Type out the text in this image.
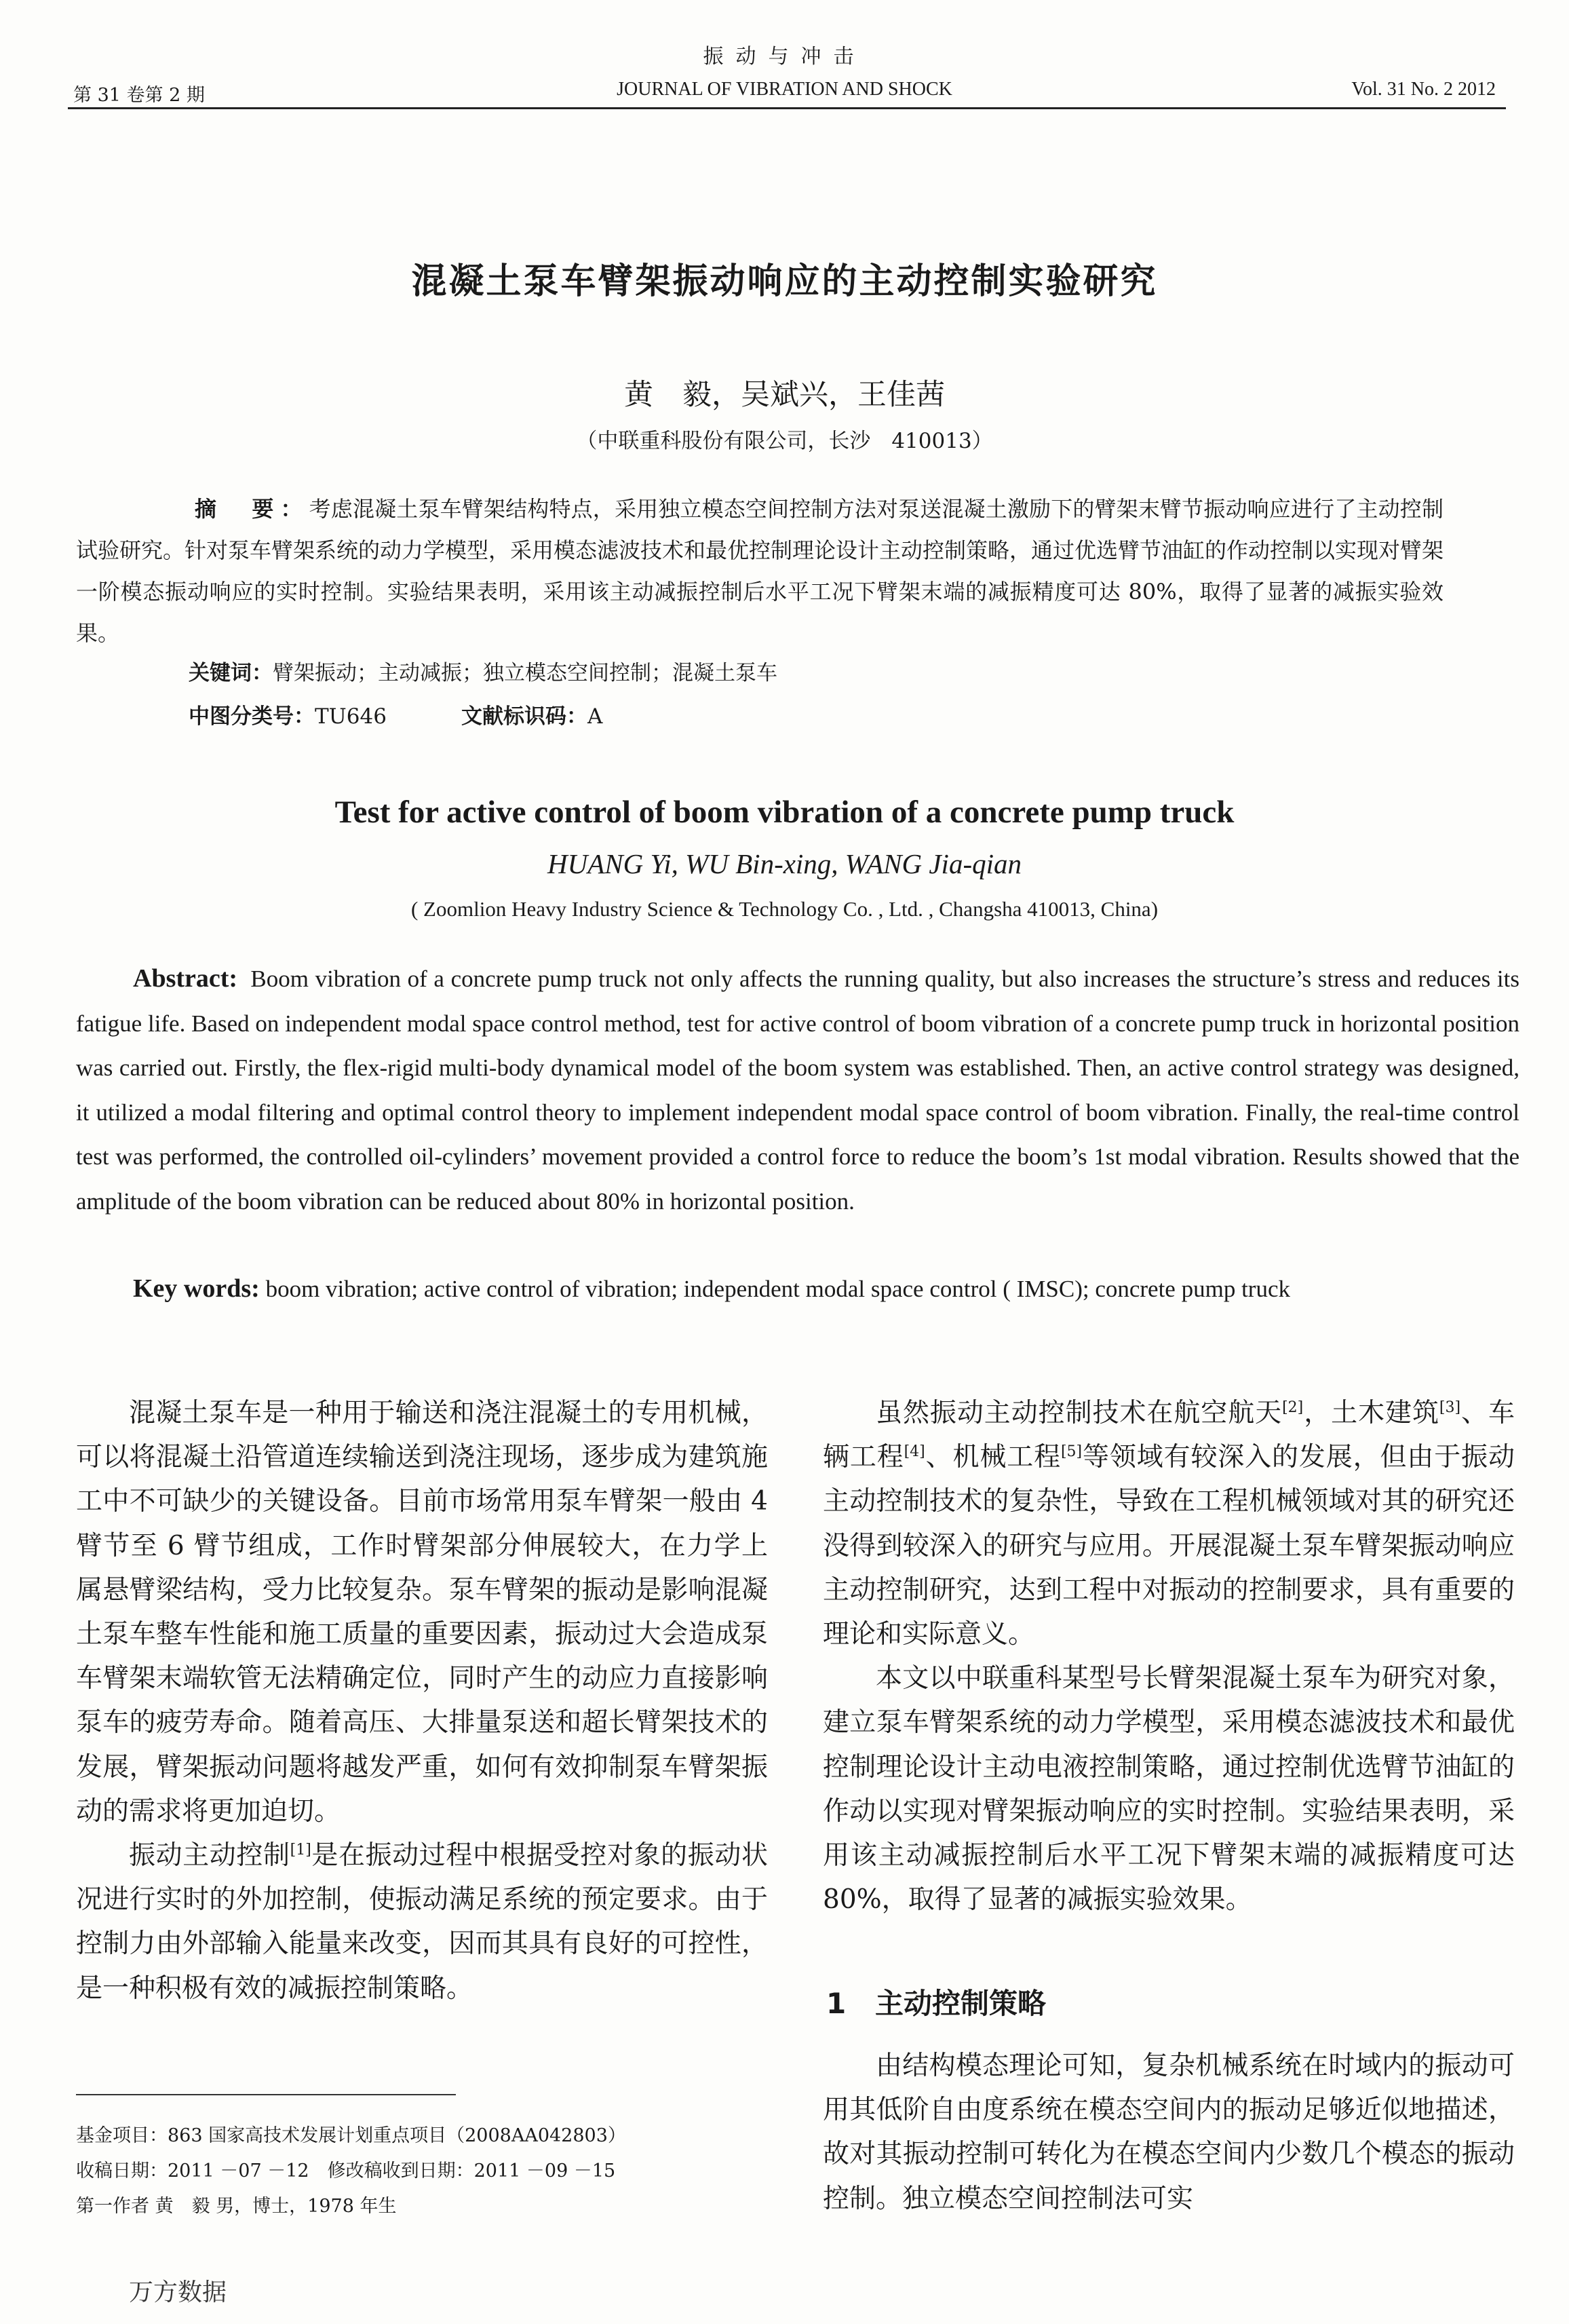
振动与冲击
第 31 卷第 2 期	JOURNAL OF VIBRATION AND SHOCK	Vol. 31 No. 2 2012
混凝土泵车臂架振动响应的主动控制实验研究
黄　毅，吴斌兴，王佳茜
（中联重科股份有限公司，长沙　410013）
摘　要：考虑混凝土泵车臂架结构特点，采用独立模态空间控制方法对泵送混凝土激励下的臂架末臂节振动响应进行了主动控制试验研究。针对泵车臂架系统的动力学模型，采用模态滤波技术和最优控制理论设计主动控制策略，通过优选臂节油缸的作动控制以实现对臂架一阶模态振动响应的实时控制。实验结果表明，采用该主动减振控制后水平工况下臂架末端的减振精度可达 80%，取得了显著的减振实验效果。
关键词：臂架振动；主动减振；独立模态空间控制；混凝土泵车
中图分类号：TU646	文献标识码：A
Test for active control of boom vibration of a concrete pump truck
HUANG Yi, WU Bin-xing, WANG Jia-qian
( Zoomlion Heavy Industry Science & Technology Co. , Ltd. , Changsha 410013, China)
Abstract: Boom vibration of a concrete pump truck not only affects the running quality, but also increases the structure’s stress and reduces its fatigue life. Based on independent modal space control method, test for active control of boom vibration of a concrete pump truck in horizontal position was carried out. Firstly, the flex-rigid multi-body dynamical model of the boom system was established. Then, an active control strategy was designed, it utilized a modal filtering and optimal control theory to implement independent modal space control of boom vibration. Finally, the real-time control test was performed, the controlled oil-cylinders’ movement provided a control force to reduce the boom’s 1st modal vibration. Results showed that the amplitude of the boom vibration can be reduced about 80% in horizontal position.
Key words: boom vibration; active control of vibration; independent modal space control ( IMSC); concrete pump truck

混凝土泵车是一种用于输送和浇注混凝土的专用机械，可以将混凝土沿管道连续输送到浇注现场，逐步成为建筑施工中不可缺少的关键设备。目前市场常用泵车臂架一般由 4 臂节至 6 臂节组成，工作时臂架部分伸展较大，在力学上属悬臂梁结构，受力比较复杂。泵车臂架的振动是影响混凝土泵车整车性能和施工质量的重要因素，振动过大会造成泵车臂架末端软管无法精确定位，同时产生的动应力直接影响泵车的疲劳寿命。随着高压、大排量泵送和超长臂架技术的发展，臂架振动问题将越发严重，如何有效抑制泵车臂架振动的需求将更加迫切。

振动主动控制[1]是在振动过程中根据受控对象的振动状况进行实时的外加控制，使振动满足系统的预定要求。由于控制力由外部输入能量来改变，因而其具有良好的可控性，是一种积极有效的减振控制策略。

虽然振动主动控制技术在航空航天[2]，土木建筑[3]、车辆工程[4]、机械工程[5]等领域有较深入的发展，但由于振动主动控制技术的复杂性，导致在工程机械领域对其的研究还没得到较深入的研究与应用。开展混凝土泵车臂架振动响应主动控制研究，达到工程中对振动的控制要求，具有重要的理论和实际意义。

本文以中联重科某型号长臂架混凝土泵车为研究对象，建立泵车臂架系统的动力学模型，采用模态滤波技术和最优控制理论设计主动电液控制策略，通过控制优选臂节油缸的作动以实现对臂架振动响应的实时控制。实验结果表明，采用该主动减振控制后水平工况下臂架末端的减振精度可达 80%，取得了显著的减振实验效果。

1 主动控制策略

由结构模态理论可知，复杂机械系统在时域内的振动可用其低阶自由度系统在模态空间内的振动足够近似地描述，故对其振动控制可转化为在模态空间内少数几个模态的振动控制。独立模态空间控制法可实

基金项目：863 国家高技术发展计划重点项目（2008AA042803）
收稿日期：2011 －07 －12　修改稿收到日期：2011 －09 －15
第一作者 黄　毅 男，博士，1978 年生
万方数据
